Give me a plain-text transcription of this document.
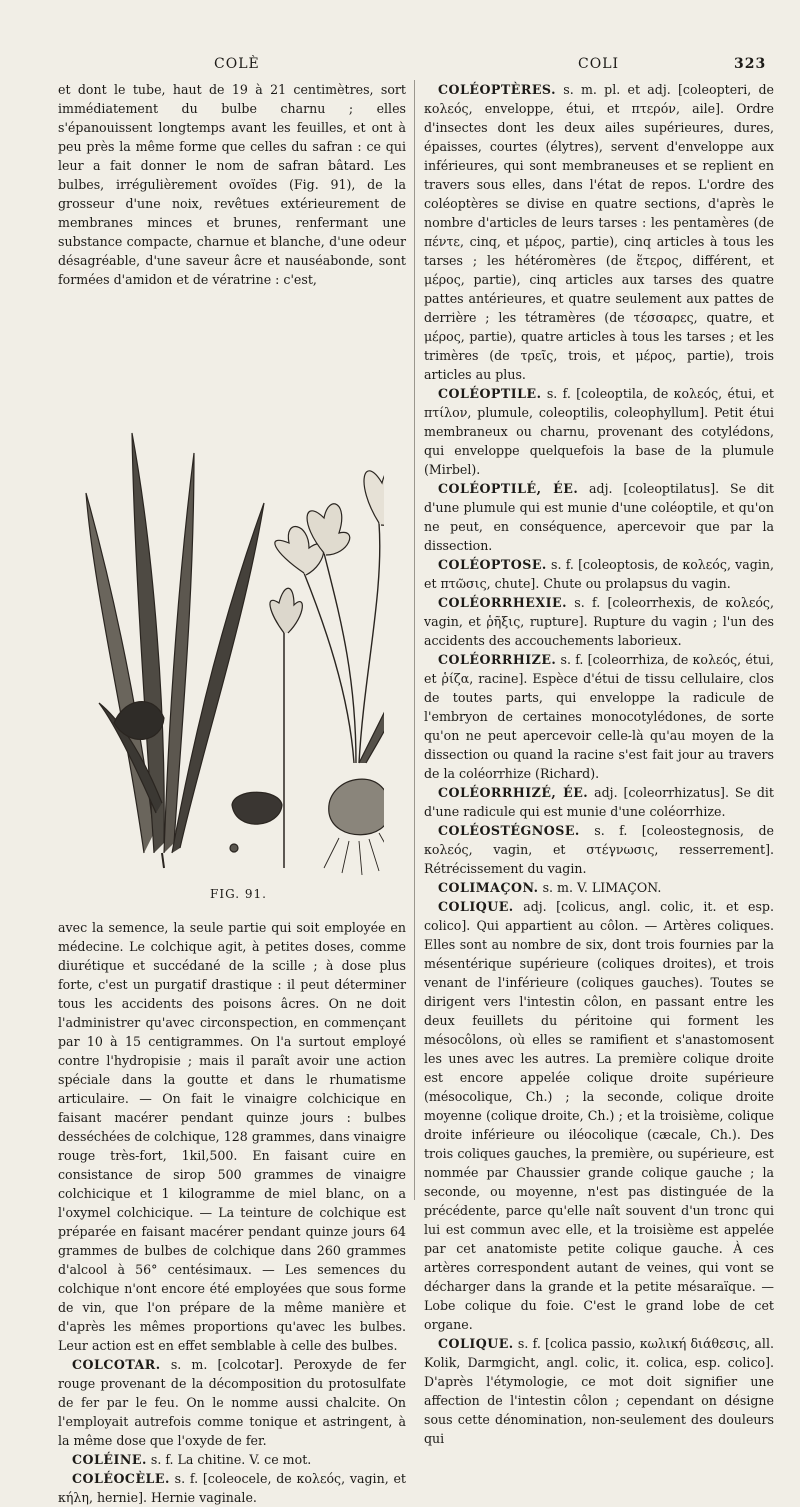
COLÈ	COLI	323

et dont le tube, haut de 19 à 21 centimètres, sort immédiatement du bulbe charnu ; elles s'épanouissent longtemps avant les feuilles, et ont à peu près la même forme que celles du safran : ce qui leur a fait donner le nom de safran bâtard. Les bulbes, irrégulièrement ovoïdes (Fig. 91), de la grosseur d'une noix, revêtues extérieurement de membranes minces et brunes, renfermant une substance compacte, charnue et blanche, d'une odeur désagréable, d'une saveur âcre et nauséabonde, sont formées d'amidon et de vératrine : c'est,

FIG. 91.

avec la semence, la seule partie qui soit employée en médecine. Le colchique agit, à petites doses, comme diurétique et succédané de la scille ; à dose plus forte, c'est un purgatif drastique : il peut déterminer tous les accidents des poisons âcres. On ne doit l'administrer qu'avec circonspection, en commençant par 10 à 15 centigrammes. On l'a surtout employé contre l'hydropisie ; mais il paraît avoir une action spéciale dans la goutte et dans le rhumatisme articulaire. — On fait le vinaigre colchicique en faisant macérer pendant quinze jours : bulbes desséchées de colchique, 128 grammes, dans vinaigre rouge très-fort, 1kil,500. En faisant cuire en consistance de sirop 500 grammes de vinaigre colchicique et 1 kilogramme de miel blanc, on a l'oxymel colchicique. — La teinture de colchique est préparée en faisant macérer pendant quinze jours 64 grammes de bulbes de colchique dans 260 grammes d'alcool à 56° centésimaux. — Les semences du colchique n'ont encore été employées que sous forme de vin, que l'on prépare de la même manière et d'après les mêmes proportions qu'avec les bulbes. Leur action est en effet semblable à celle des bulbes.

COLCOTAR. s. m. [colcotar]. Peroxyde de fer rouge provenant de la décomposition du protosulfate de fer par le feu. On le nomme aussi chalcite. On l'employait autrefois comme tonique et astringent, à la même dose que l'oxyde de fer.

COLÉINE. s. f. La chitine. V. ce mot.

COLÉOCÈLE. s. f. [coleocele, de κολεός, vagin, et κήλη, hernie]. Hernie vaginale.

COLÉOPTÈRES. s. m. pl. et adj. [coleopteri, de κολεός, enveloppe, étui, et πτερόν, aile]. Ordre d'insectes dont les deux ailes supérieures, dures, épaisses, courtes (élytres), servent d'enveloppe aux inférieures, qui sont membraneuses et se replient en travers sous elles, dans l'état de repos. L'ordre des coléoptères se divise en quatre sections, d'après le nombre d'articles de leurs tarses : les pentamères (de πέντε, cinq, et μέρος, partie), cinq articles à tous les tarses ; les hétéromères (de ἕτερος, différent, et μέρος, partie), cinq articles aux tarses des quatre pattes antérieures, et quatre seulement aux pattes de derrière ; les tétramères (de τέσσαρες, quatre, et μέρος, partie), quatre articles à tous les tarses ; et les trimères (de τρεῖς, trois, et μέρος, partie), trois articles au plus.

COLÉOPTILE. s. f. [coleoptila, de κολεός, étui, et πτίλον, plumule, coleoptilis, coleophyllum]. Petit étui membraneux ou charnu, provenant des cotylédons, qui enveloppe quelquefois la base de la plumule (Mirbel).

COLÉOPTILÉ, ÉE. adj. [coleoptilatus]. Se dit d'une plumule qui est munie d'une coléoptile, et qu'on ne peut, en conséquence, apercevoir que par la dissection.

COLÉOPTOSE. s. f. [coleoptosis, de κολεός, vagin, et πτῶσις, chute]. Chute ou prolapsus du vagin.

COLÉORRHEXIE. s. f. [coleorrhexis, de κολεός, vagin, et ῥῆξις, rupture]. Rupture du vagin ; l'un des accidents des accouchements laborieux.

COLÉORRHIZE. s. f. [coleorrhiza, de κολεός, étui, et ῥίζα, racine]. Espèce d'étui de tissu cellulaire, clos de toutes parts, qui enveloppe la radicule de l'embryon de certaines monocotylédones, de sorte qu'on ne peut apercevoir celle-là qu'au moyen de la dissection ou quand la racine s'est fait jour au travers de la coléorrhize (Richard).

COLÉORRHIZÉ, ÉE. adj. [coleorrhizatus]. Se dit d'une radicule qui est munie d'une coléorrhize.

COLÉOSTÉGNOSE. s. f. [coleostegnosis, de κολεός, vagin, et στέγνωσις, resserrement]. Rétrécissement du vagin.

COLIMAÇON. s. m. V. LIMAÇON.

COLIQUE. adj. [colicus, angl. colic, it. et esp. colico]. Qui appartient au côlon. — Artères coliques. Elles sont au nombre de six, dont trois fournies par la mésentérique supérieure (coliques droites), et trois venant de l'inférieure (coliques gauches). Toutes se dirigent vers l'intestin côlon, en passant entre les deux feuillets du péritoine qui forment les mésocôlons, où elles se ramifient et s'anastomosent les unes avec les autres. La première colique droite est encore appelée colique droite supérieure (mésocolique, Ch.) ; la seconde, colique droite moyenne (colique droite, Ch.) ; et la troisième, colique droite inférieure ou iléocolique (cæcale, Ch.). Des trois coliques gauches, la première, ou supérieure, est nommée par Chaussier grande colique gauche ; la seconde, ou moyenne, n'est pas distinguée de la précédente, parce qu'elle naît souvent d'un tronc qui lui est commun avec elle, et la troisième est appelée par cet anatomiste petite colique gauche. À ces artères correspondent autant de veines, qui vont se décharger dans la grande et la petite mésaraïque. — Lobe colique du foie. C'est le grand lobe de cet organe.

COLIQUE. s. f. [colica passio, κωλική διάθεσις, all. Kolik, Darmgicht, angl. colic, it. colica, esp. colico]. D'après l'étymologie, ce mot doit signifier une affection de l'intestin côlon ; cependant on désigne sous cette dénomination, non-seulement des douleurs qui
